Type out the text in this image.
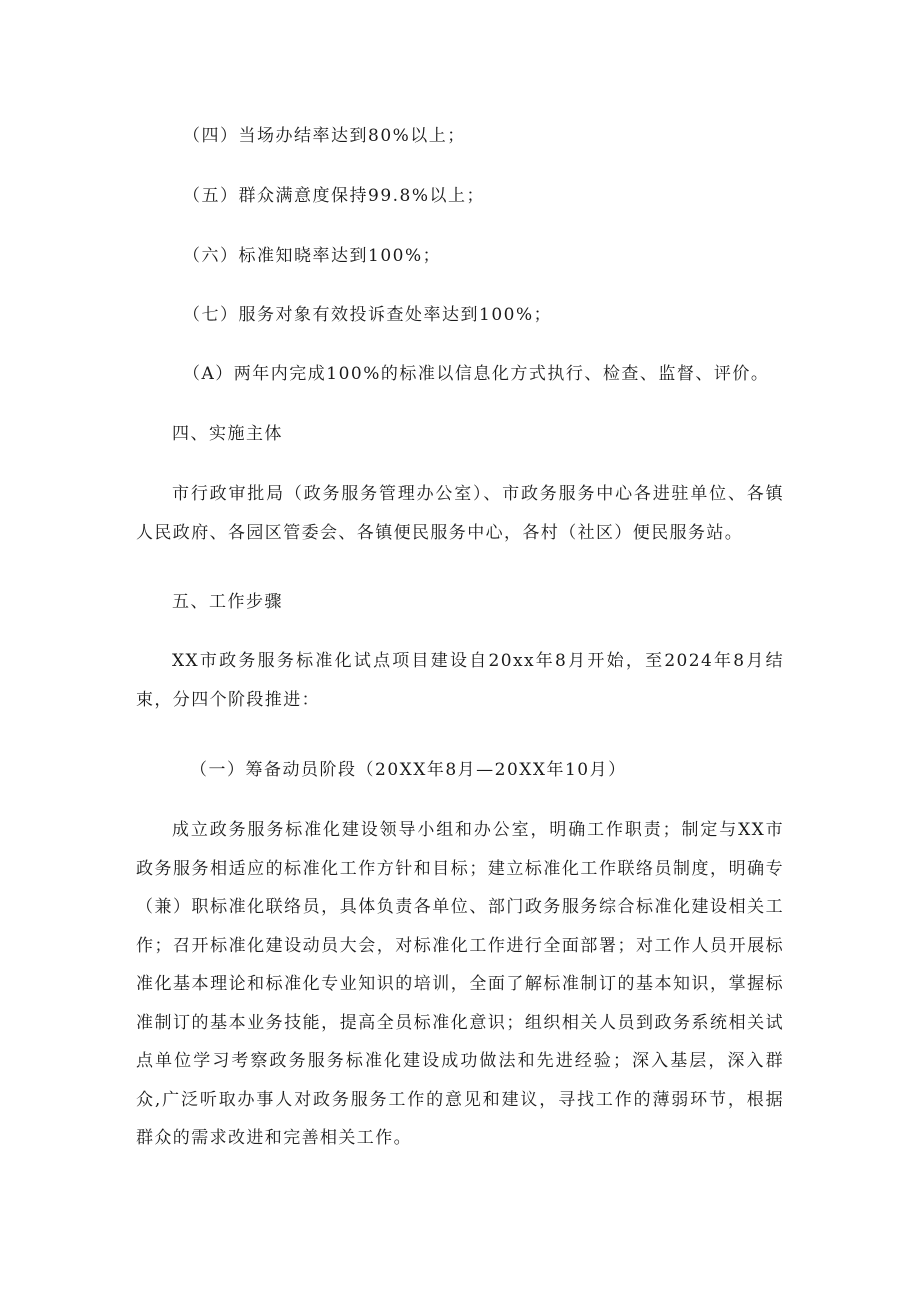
（四）当场办结率达到80%以上；
（五）群众满意度保持99.8%以上；
（六）标准知晓率达到100%；
（七）服务对象有效投诉查处率达到100%；
（A）两年内完成100%的标准以信息化方式执行、检查、监督、评价。
四、实施主体

市行政审批局（政务服务管理办公室）、市政务服务中心各进驻单位、各镇人民政府、各园区管委会、各镇便民服务中心，各村（社区）便民服务站。

五、工作步骤

XX市政务服务标准化试点项目建设自20xx年8月开始，至2024年8月结束，分四个阶段推进：

（一）筹备动员阶段（20XX年8月—20XX年10月）

成立政务服务标准化建设领导小组和办公室，明确工作职责；制定与XX市政务服务相适应的标准化工作方针和目标；建立标准化工作联络员制度，明确专（兼）职标准化联络员，具体负责各单位、部门政务服务综合标准化建设相关工作；召开标准化建设动员大会，对标准化工作进行全面部署；对工作人员开展标准化基本理论和标准化专业知识的培训，全面了解标准制订的基本知识，掌握标准制订的基本业务技能，提高全员标准化意识；组织相关人员到政务系统相关试点单位学习考察政务服务标准化建设成功做法和先进经验；深入基层，深入群众,广泛听取办事人对政务服务工作的意见和建议，寻找工作的薄弱环节，根据群众的需求改进和完善相关工作。
